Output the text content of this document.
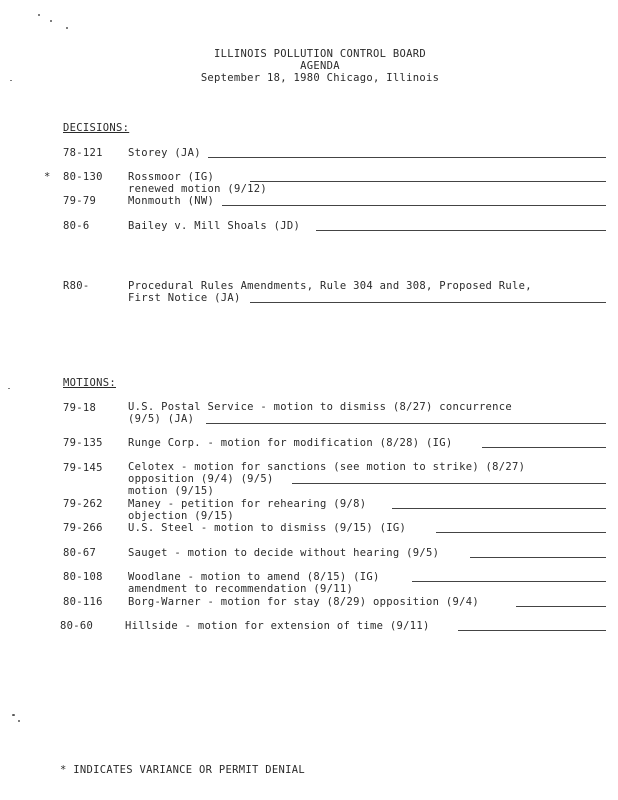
ILLINOIS POLLUTION CONTROL BOARD
AGENDA
September 18, 1980 Chicago, Illinois
DECISIONS:
78-121 Storey (JA)
* 80-130 Rossmoor (IG)
renewed motion (9/12)
79-79	Monmouth (NW)
80-6	Bailey v. Mill Shoals (JD)
R80-	Procedural Rules Amendments, Rule 304 and 308, Proposed Rule,
First Notice (JA)
MOTIONS:
79-18	U.S. Postal Service - motion to dismiss (8/27) concurrence
(9/5) (JA)
79-135 Runge Corp. - motion for modification (8/28) (IG)
79-145 Celotex - motion for sanctions (see motion to strike) (8/27)
opposition (9/4) (9/5)
motion (9/15)
79-262 Maney - petition for rehearing (9/8)
objection (9/15)
79-266 U.S. Steel - motion to dismiss (9/15) (IG)
80-67	Sauget - motion to decide without hearing (9/5)
80-108 Woodlane - motion to amend (8/15) (IG)
amendment to recommendation (9/11)
80-116 Borg-Warner - motion for stay (8/29) opposition (9/4)
80-60	Hillside - motion for extension of time (9/11)
* INDICATES VARIANCE OR PERMIT DENIAL
